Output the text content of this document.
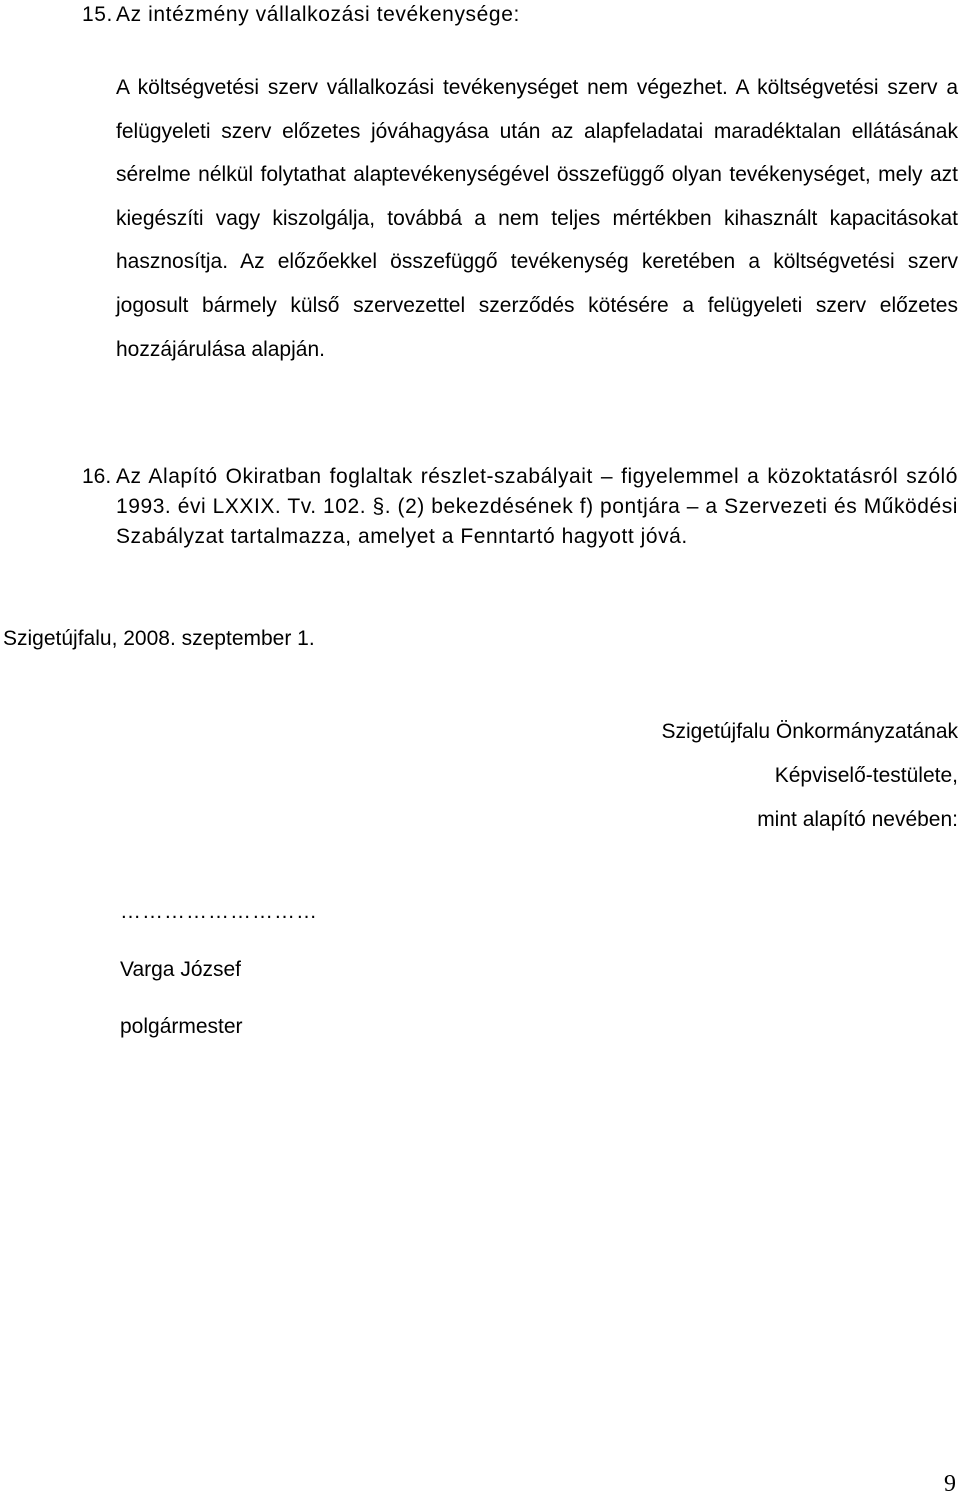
15. Az intézmény vállalkozási tevékenysége:

A költségvetési szerv vállalkozási tevékenységet nem végezhet. A költségvetési szerv a felügyeleti szerv előzetes jóváhagyása után az alapfeladatai maradéktalan ellátásának sérelme nélkül folytathat alaptevékenységével összefüggő olyan tevékenységet, mely azt kiegészíti vagy kiszolgálja, továbbá a nem teljes mértékben kihasznált kapacitásokat hasznosítja. Az előzőekkel összefüggő tevékenység keretében a költségvetési szerv jogosult bármely külső szervezettel szerződés kötésére a felügyeleti szerv előzetes hozzájárulása alapján.

16. Az Alapító Okiratban foglaltak részlet-szabályait – figyelemmel a közoktatásról szóló 1993. évi LXXIX. Tv. 102. §. (2) bekezdésének f) pontjára – a Szervezeti és Működési Szabályzat tartalmazza, amelyet a Fenntartó hagyott jóvá.
Szigetújfalu, 2008. szeptember 1.
Szigetújfalu Önkormányzatának
Képviselő-testülete,
mint alapító nevében:
………………………
Varga József
polgármester
9
